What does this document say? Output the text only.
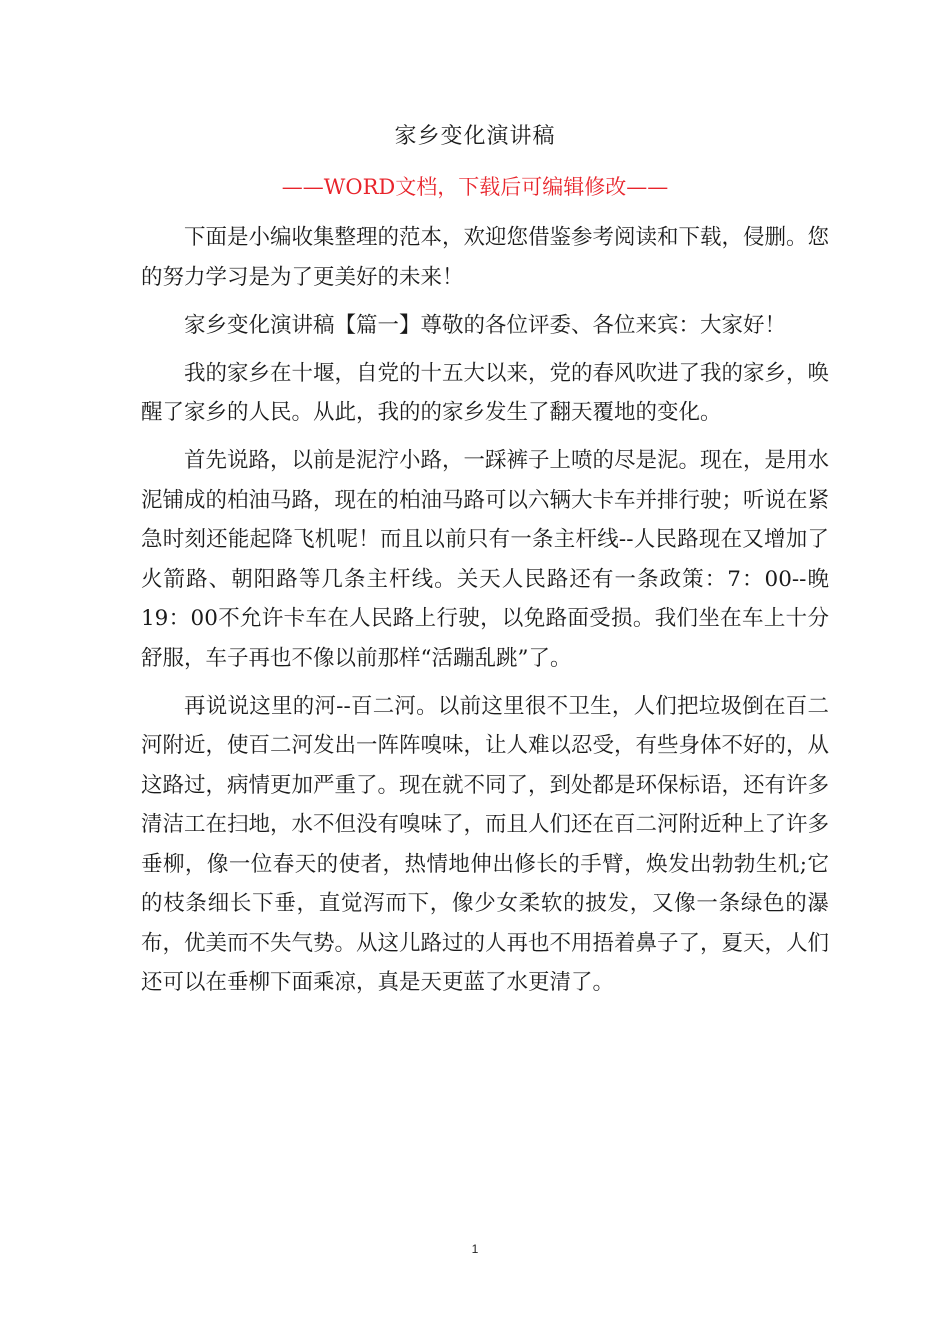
家乡变化演讲稿
——WORD文档，下载后可编辑修改——

下面是小编收集整理的范本，欢迎您借鉴参考阅读和下载，侵删。您的努力学习是为了更美好的未来！

家乡变化演讲稿【篇一】尊敬的各位评委、各位来宾：大家好！

我的家乡在十堰，自党的十五大以来，党的春风吹进了我的家乡，唤醒了家乡的人民。从此，我的的家乡发生了翻天覆地的变化。

首先说路，以前是泥泞小路，一踩裤子上喷的尽是泥。现在，是用水泥铺成的柏油马路，现在的柏油马路可以六辆大卡车并排行驶；听说在紧急时刻还能起降飞机呢！而且以前只有一条主杆线--人民路现在又增加了火箭路、朝阳路等几条主杆线。关天人民路还有一条政策：7：00--晚19：00不允许卡车在人民路上行驶，以免路面受损。我们坐在车上十分舒服，车子再也不像以前那样“活蹦乱跳”了。

再说说这里的河--百二河。以前这里很不卫生，人们把垃圾倒在百二河附近，使百二河发出一阵阵嗅味，让人难以忍受，有些身体不好的，从这路过，病情更加严重了。现在就不同了，到处都是环保标语，还有许多清洁工在扫地，水不但没有嗅味了，而且人们还在百二河附近种上了许多垂柳，像一位春天的使者，热情地伸出修长的手臂，焕发出勃勃生机;它的枝条细长下垂，直觉泻而下，像少女柔软的披发，又像一条绿色的瀑布，优美而不失气势。从这儿路过的人再也不用捂着鼻子了，夏天，人们还可以在垂柳下面乘凉，真是天更蓝了水更清了。

1
